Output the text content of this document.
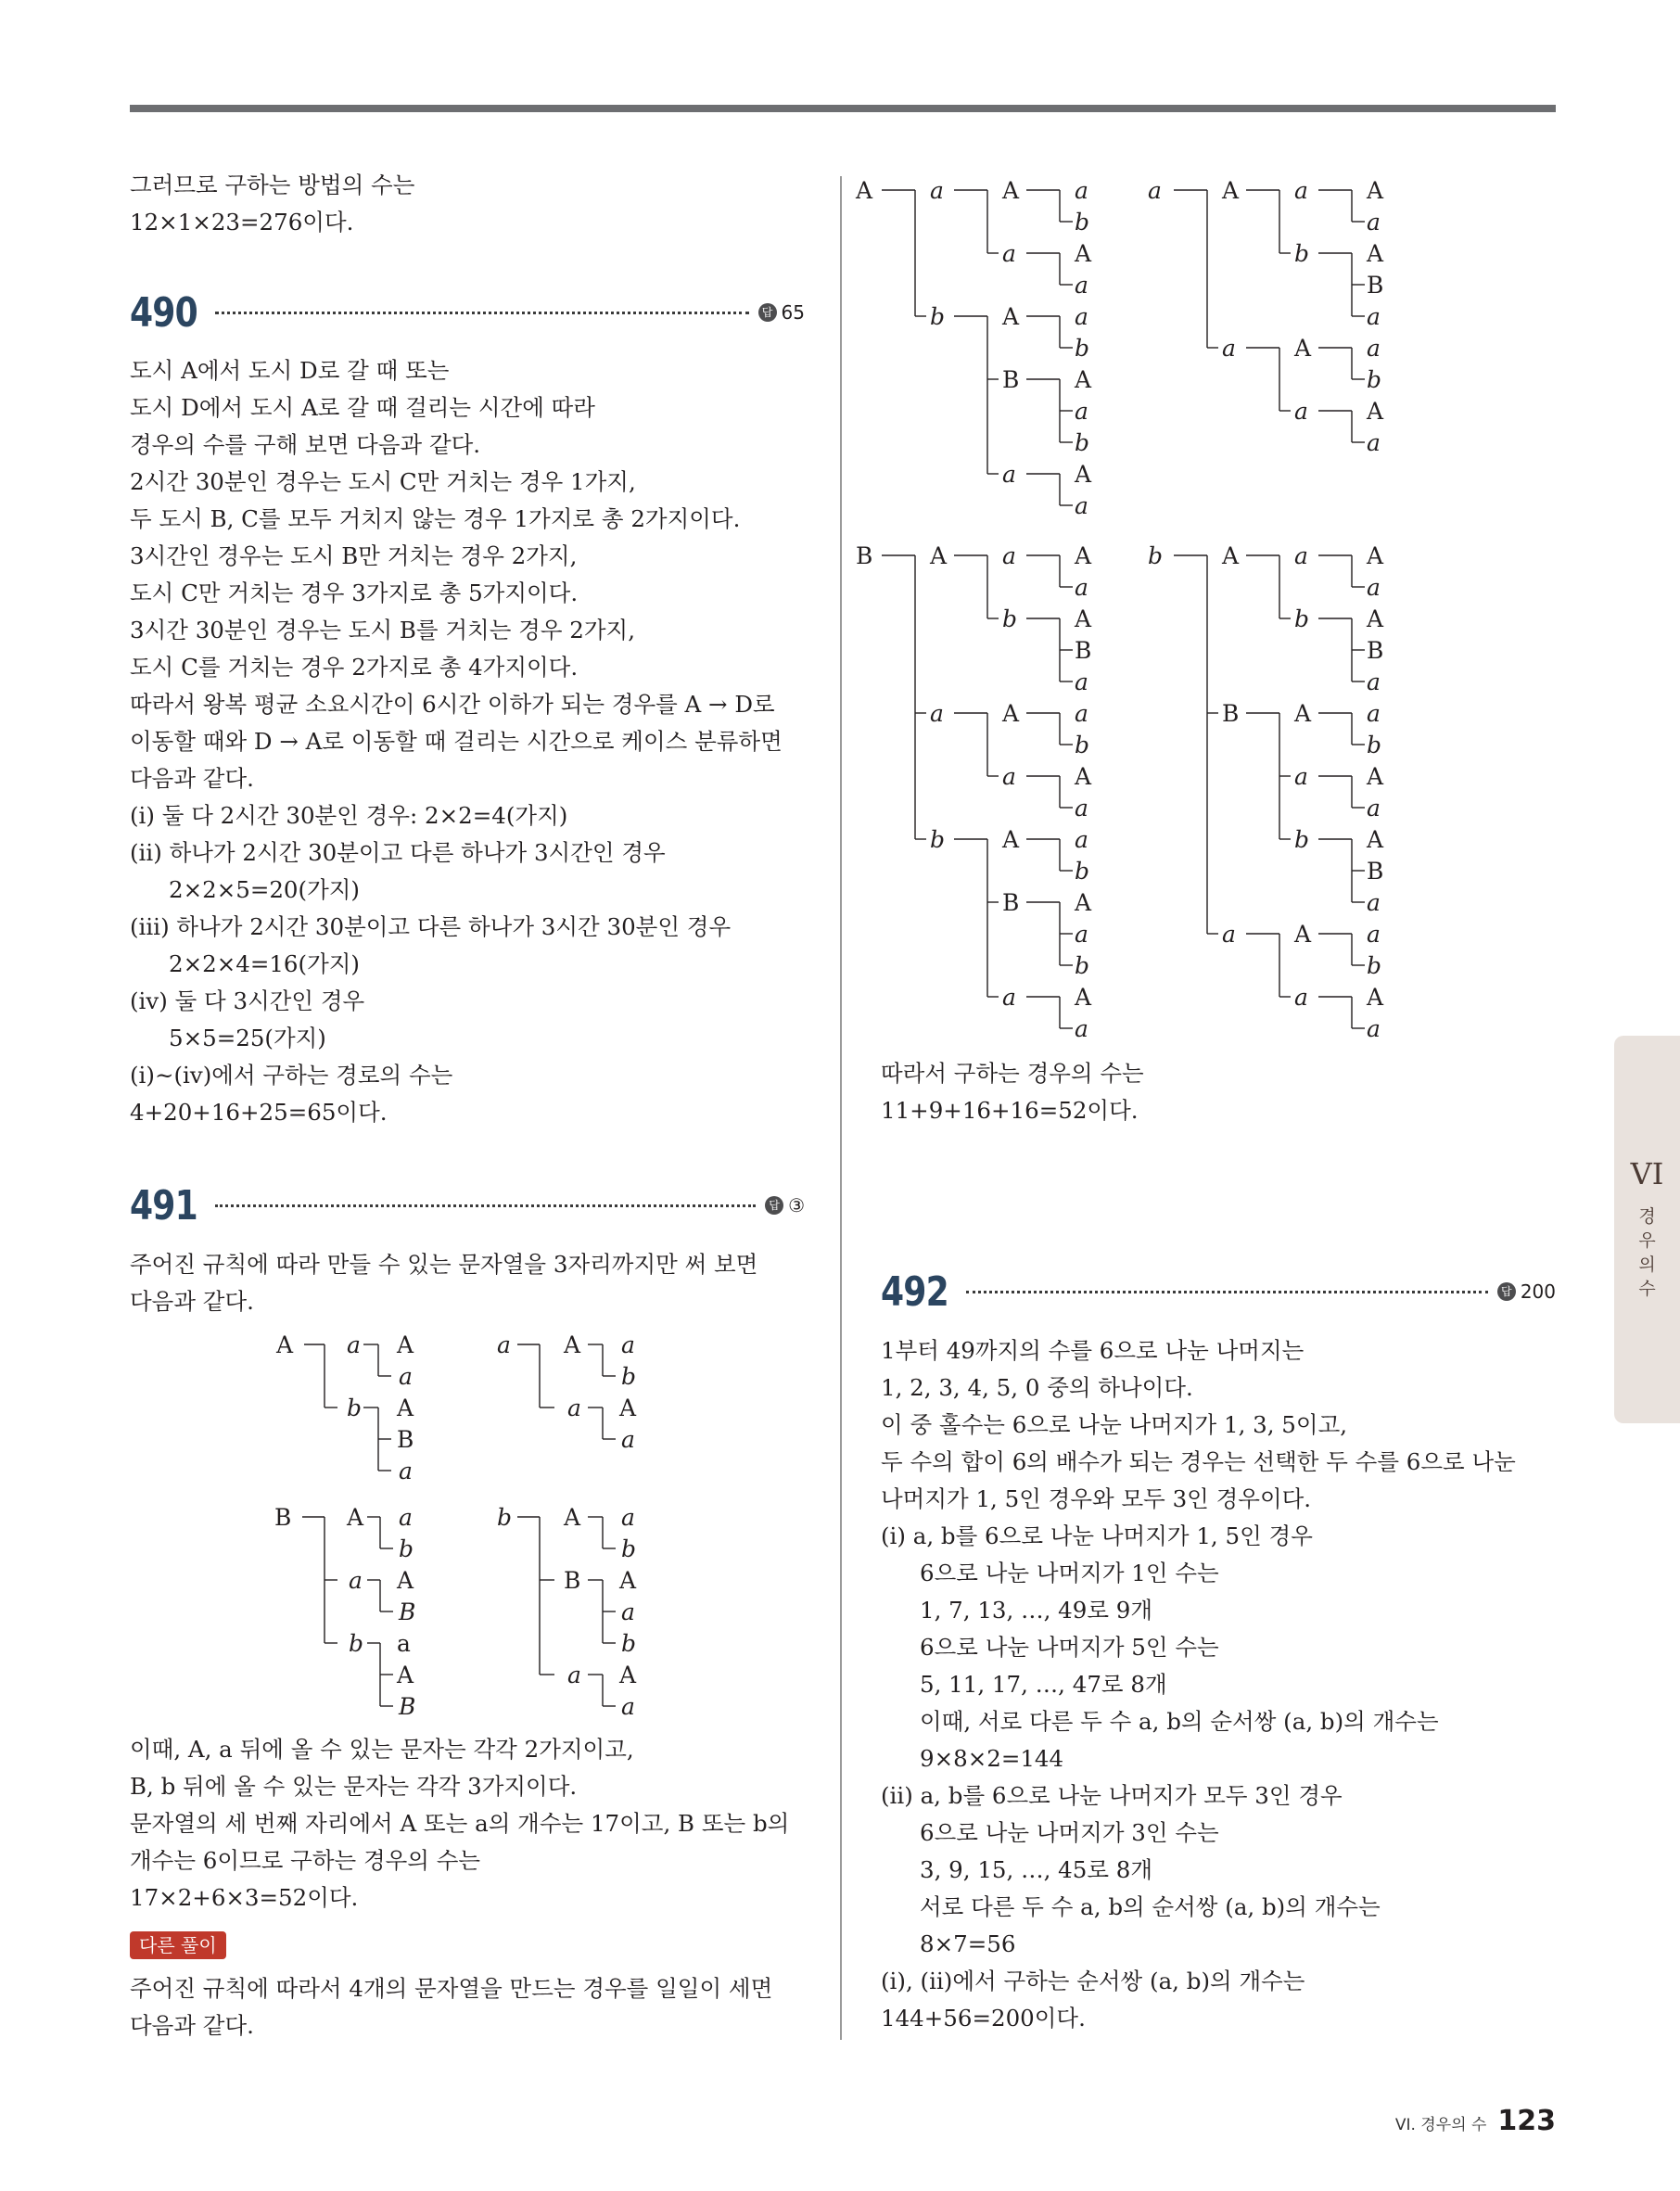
그러므로 구하는 방법의 수는

12×1×23=276이다.

490	답 65

도시 A에서 도시 D로 갈 때 또는

도시 D에서 도시 A로 갈 때 걸리는 시간에 따라

경우의 수를 구해 보면 다음과 같다.

2시간 30분인 경우는 도시 C만 거치는 경우 1가지,

두 도시 B, C를 모두 거치지 않는 경우 1가지로 총 2가지이다.

3시간인 경우는 도시 B만 거치는 경우 2가지,

도시 C만 거치는 경우 3가지로 총 5가지이다.

3시간 30분인 경우는 도시 B를 거치는 경우 2가지,

도시 C를 거치는 경우 2가지로 총 4가지이다.

따라서 왕복 평균 소요시간이 6시간 이하가 되는 경우를 A → D로

이동할 때와 D → A로 이동할 때 걸리는 시간으로 케이스 분류하면

다음과 같다.

(ⅰ) 둘 다 2시간 30분인 경우: 2×2=4(가지)

(ⅱ) 하나가 2시간 30분이고 다른 하나가 3시간인 경우

2×2×5=20(가지)

(ⅲ) 하나가 2시간 30분이고 다른 하나가 3시간 30분인 경우

2×2×4=16(가지)

(ⅳ) 둘 다 3시간인 경우

5×5=25(가지)

(ⅰ)~(ⅳ)에서 구하는 경로의 수는

4+20+16+25=65이다.

491	답 ③

주어진 규칙에 따라 만들 수 있는 문자열을 3자리까지만 써 보면

다음과 같다.

A a
b
A
a
A
B
a
a A
a
a
b
A
a
B A
a
b
a
b
A
B
a
A
B
b A
B
a
a
b
A
a
b
A
a

이때, A, a 뒤에 올 수 있는 문자는 각각 2가지이고,

B, b 뒤에 올 수 있는 문자는 각각 3가지이다.

문자열의 세 번째 자리에서 A 또는 a의 개수는 17이고, B 또는 b의

개수는 6이므로 구하는 경우의 수는

17×2+6×3=52이다.

다른 풀이

주어진 규칙에 따라서 4개의 문자열을 만드는 경우를 일일이 세면

다음과 같다.

a
b
A
A
a
a
a
a
b
A
A
a
b
B
A
a
a
b
A	A
a
a
A
B
a
b
A
a
b
A
A
a
a
a
a
A
a
a
A
B
a
b
A
a
b
A
A
a
a
a
a
b
A
A
a
b
B
A
a
a
b
B	A
a
a
A
B
a
b
A
a
b
A
A
a
a
A
B
a
b
B
a
b
A
A
a
a
a
b

따라서 구하는 경우의 수는

11+9+16+16=52이다.

492	답 200

1부터 49까지의 수를 6으로 나눈 나머지는

1, 2, 3, 4, 5, 0 중의 하나이다.

이 중 홀수는 6으로 나눈 나머지가 1, 3, 5이고,

두 수의 합이 6의 배수가 되는 경우는 선택한 두 수를 6으로 나눈

나머지가 1, 5인 경우와 모두 3인 경우이다.

(ⅰ) a, b를 6으로 나눈 나머지가 1, 5인 경우

6으로 나눈 나머지가 1인 수는

1, 7, 13, …, 49로 9개

6으로 나눈 나머지가 5인 수는

5, 11, 17, …, 47로 8개

이때, 서로 다른 두 수 a, b의 순서쌍 (a, b)의 개수는

9×8×2=144

(ⅱ) a, b를 6으로 나눈 나머지가 모두 3인 경우

6으로 나눈 나머지가 3인 수는

3, 9, 15, …, 45로 8개

서로 다른 두 수 a, b의 순서쌍 (a, b)의 개수는

8×7=56

(ⅰ), (ⅱ)에서 구하는 순서쌍 (a, b)의 개수는

144+56=200이다.

VI
경
우
의
수
VI. 경우의 수 123
